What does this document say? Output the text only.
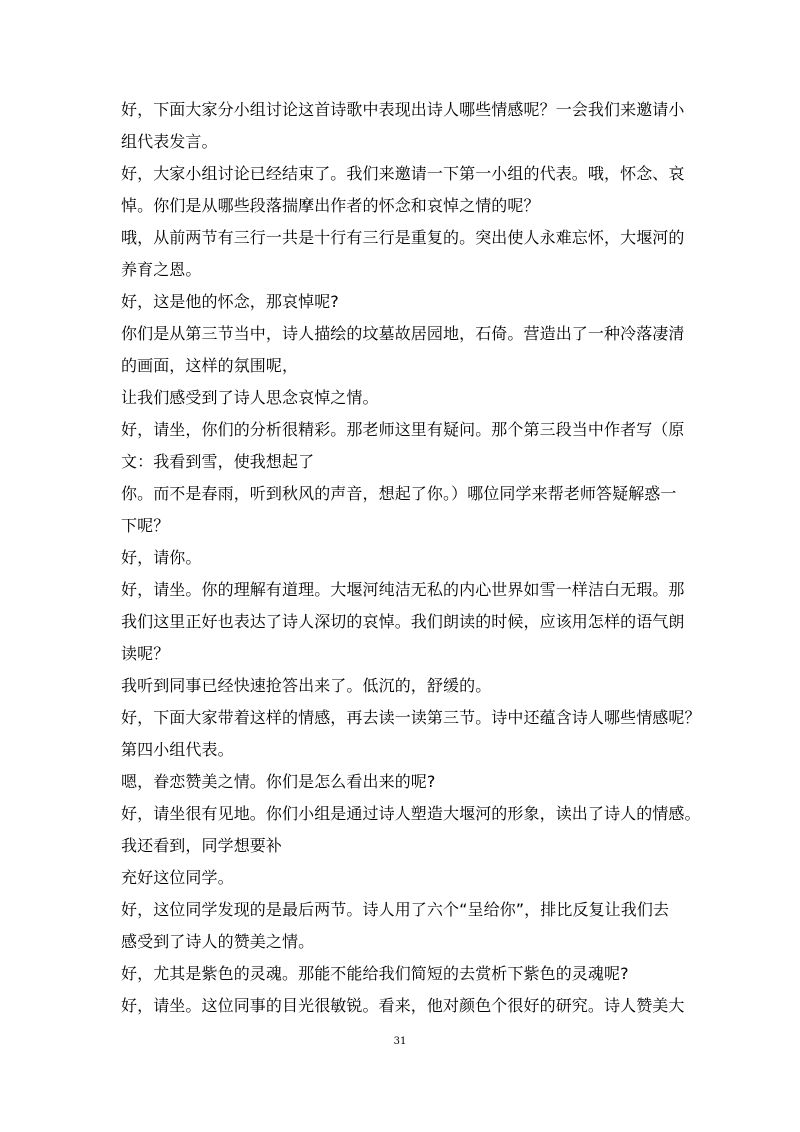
好，下面大家分小组讨论这首诗歌中表现出诗人哪些情感呢？一会我们来邀请小
组代表发言。
好，大家小组讨论已经结束了。我们来邀请一下第一小组的代表。哦，怀念、哀
悼。你们是从哪些段落揣摩出作者的怀念和哀悼之情的呢？
哦，从前两节有三行一共是十行有三行是重复的。突出使人永难忘怀，大堰河的
养育之恩。
好，这是他的怀念，那哀悼呢?
你们是从第三节当中，诗人描绘的坟墓故居园地，石倚。营造出了一种冷落凄清
的画面，这样的氛围呢，
让我们感受到了诗人思念哀悼之情。
好，请坐，你们的分析很精彩。那老师这里有疑问。那个第三段当中作者写（原
文：我看到雪，使我想起了
你。而不是春雨，听到秋风的声音，想起了你。）哪位同学来帮老师答疑解惑一
下呢？
好，请你。
好，请坐。你的理解有道理。大堰河纯洁无私的内心世界如雪一样洁白无瑕。那
我们这里正好也表达了诗人深切的哀悼。我们朗读的时候，应该用怎样的语气朗
读呢？
我听到同事已经快速抢答出来了。低沉的，舒缓的。
好，下面大家带着这样的情感，再去读一读第三节。诗中还蕴含诗人哪些情感呢？
第四小组代表。
嗯，眷恋赞美之情。你们是怎么看出来的呢?
好，请坐很有见地。你们小组是通过诗人塑造大堰河的形象，读出了诗人的情感。
我还看到，同学想要补
充好这位同学。
好，这位同学发现的是最后两节。诗人用了六个“呈给你”，排比反复让我们去
感受到了诗人的赞美之情。
好，尤其是紫色的灵魂。那能不能给我们简短的去赏析下紫色的灵魂呢?
好，请坐。这位同事的目光很敏锐。看来，他对颜色个很好的研究。诗人赞美大
31
